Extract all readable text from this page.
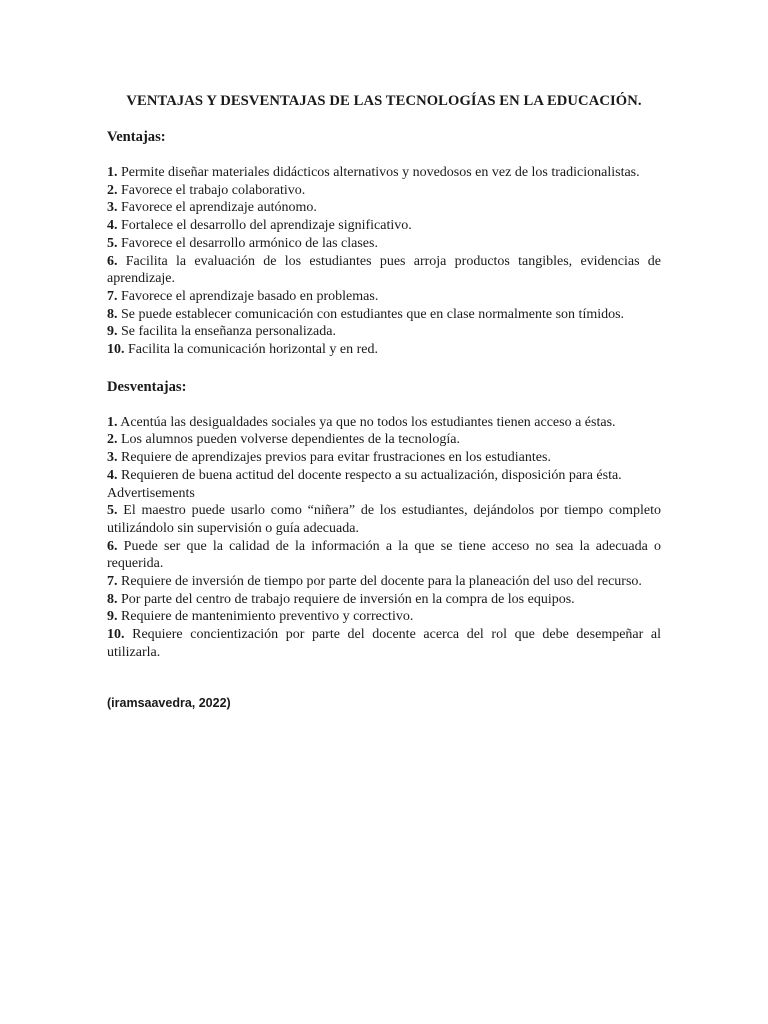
VENTAJAS Y DESVENTAJAS DE LAS TECNOLOGÍAS EN LA EDUCACIÓN.
Ventajas:

1. Permite diseñar materiales didácticos alternativos y novedosos en vez de los tradicionalistas.

2. Favorece el trabajo colaborativo.

3. Favorece el aprendizaje autónomo.

4. Fortalece el desarrollo del aprendizaje significativo.

5. Favorece el desarrollo armónico de las clases.

6. Facilita la evaluación de los estudiantes pues arroja productos tangibles, evidencias de aprendizaje.

7. Favorece el aprendizaje basado en problemas.

8. Se puede establecer comunicación con estudiantes que en clase normalmente son tímidos.

9. Se facilita la enseñanza personalizada.

10. Facilita la comunicación horizontal y en red.

Desventajas:

1. Acentúa las desigualdades sociales ya que no todos los estudiantes tienen acceso a éstas.

2. Los alumnos pueden volverse dependientes de la tecnología.

3. Requiere de aprendizajes previos para evitar frustraciones en los estudiantes.

4. Requieren de buena actitud del docente respecto a su actualización, disposición para ésta.

Advertisements

5. El maestro puede usarlo como “niñera” de los estudiantes, dejándolos por tiempo completo utilizándolo sin supervisión o guía adecuada.

6. Puede ser que la calidad de la información a la que se tiene acceso no sea la adecuada o requerida.

7. Requiere de inversión de tiempo por parte del docente para la planeación del uso del recurso.

8. Por parte del centro de trabajo requiere de inversión en la compra de los equipos.

9. Requiere de mantenimiento preventivo y correctivo.

10. Requiere concientización por parte del docente acerca del rol que debe desempeñar al utilizarla.

(iramsaavedra, 2022)
